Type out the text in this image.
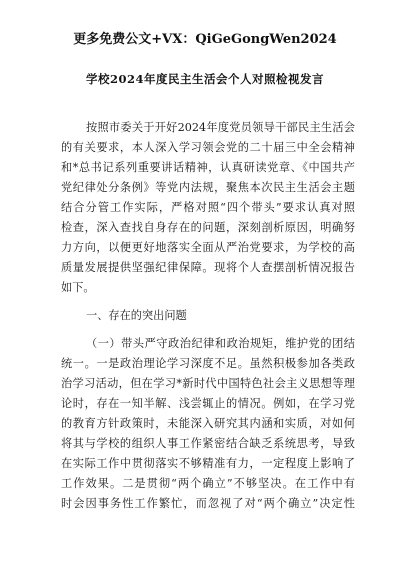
更多免费公文+VX：QiGeGongWen2024
学校2024年度民主生活会个人对照检视发言
按照市委关于开好2024年度党员领导干部民主生活会
的有关要求，本人深入学习领会党的二十届三中全会精神
和*总书记系列重要讲话精神，认真研读党章、《中国共产
党纪律处分条例》等党内法规，聚焦本次民主生活会主题
结合分管工作实际，严格对照“四个带头”要求认真对照
检查，深入查找自身存在的问题，深刻剖析原因，明确努
力方向，以便更好地落实全面从严治党要求，为学校的高
质量发展提供坚强纪律保障。现将个人查摆剖析情况报告
如下。
一、存在的突出问题
（一）带头严守政治纪律和政治规矩，维护党的团结
统一。一是政治理论学习深度不足。虽然积极参加各类政
治学习活动，但在学习*新时代中国特色社会主义思想等理
论时，存在一知半解、浅尝辄止的情况。例如，在学习党
的教育方针政策时，未能深入研究其内涵和实质，对如何
将其与学校的组织人事工作紧密结合缺乏系统思考，导致
在实际工作中贯彻落实不够精准有力，一定程度上影响了
工作效果。二是贯彻“两个确立”不够坚决。在工作中有
时会因事务性工作繁忙，而忽视了对“两个确立”决定性
